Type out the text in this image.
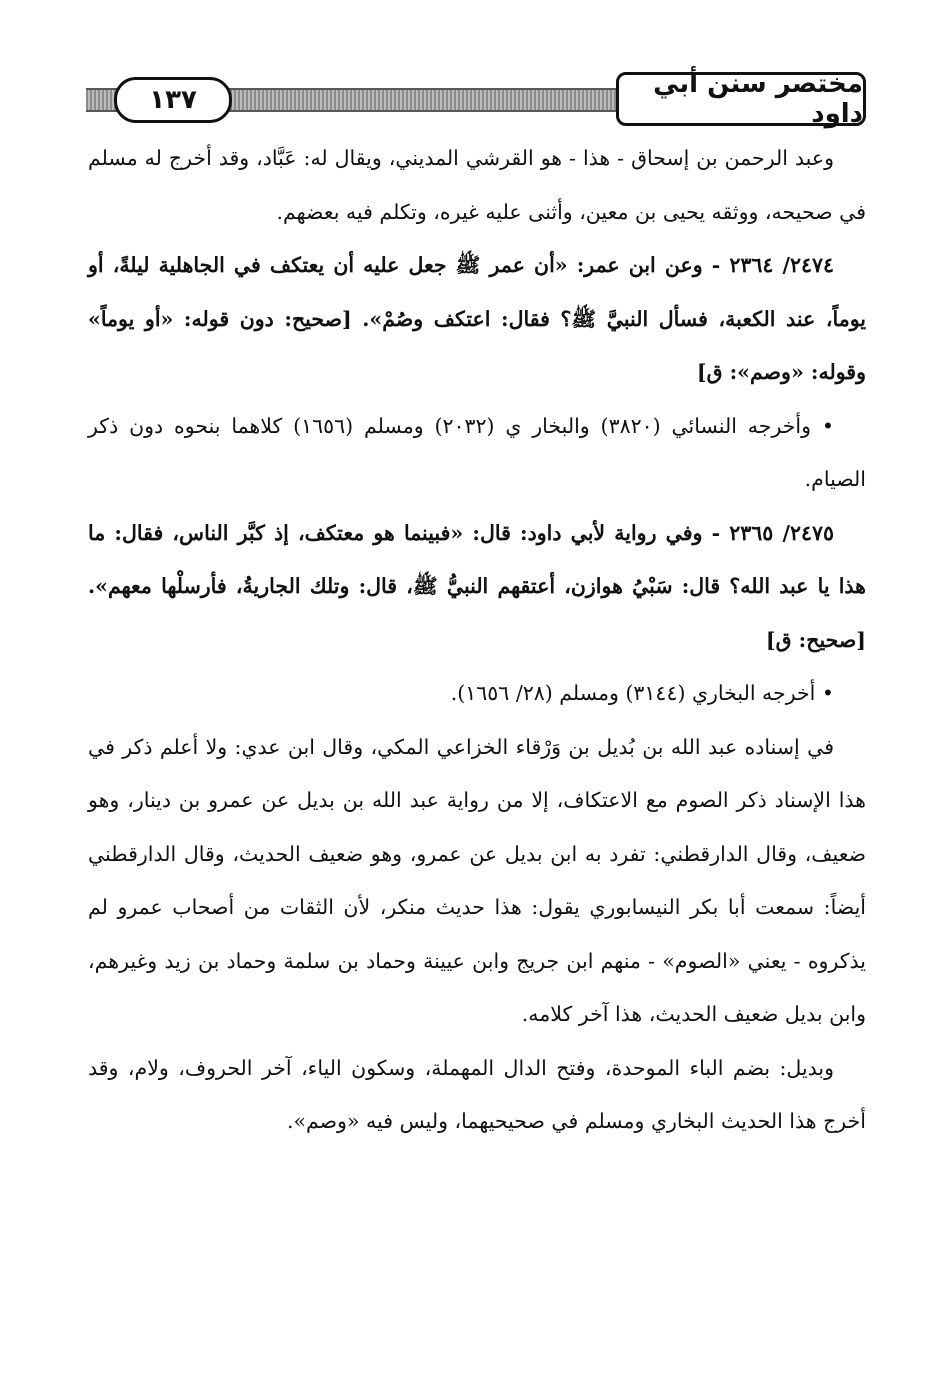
١٣٧
مختصر سنن أبي داود

وعبد الرحمن بن إسحاق - هذا - هو القرشي المديني، ويقال له: عَبَّاد، وقد أخرج له مسلم في صحيحه، ووثقه يحيى بن معين، وأثنى عليه غيره، وتكلم فيه بعضهم.

٢٤٧٤/ ٢٣٦٤ - وعن ابن عمر: «أن عمر ﷺ جعل عليه أن يعتكف في الجاهلية ليلةً، أو يوماً، عند الكعبة، فسأل النبيَّ ﷺ؟ فقال: اعتكف وصُمْ». [صحيح: دون قوله: «أو يوماً» وقوله: «وصم»: ق]

• وأخرجه النسائي (٣٨٢٠) والبخار ي (٢٠٣٢) ومسلم (١٦٥٦) كلاهما بنحوه دون ذكر الصيام.

٢٤٧٥/ ٢٣٦٥ - وفي رواية لأبي داود: قال: «فبينما هو معتكف، إذ كبَّر الناس، فقال: ما هذا يا عبد الله؟ قال: سَبْيُ هوازن، أعتقهم النبيُّ ﷺ، قال: وتلك الجاريةُ، فأرسلْها معهم». [صحيح: ق]

• أخرجه البخاري (٣١٤٤) ومسلم (٢٨/ ١٦٥٦).

في إسناده عبد الله بن بُديل بن وَرْقاء الخزاعي المكي، وقال ابن عدي: ولا أعلم ذكر في هذا الإسناد ذكر الصوم مع الاعتكاف، إلا من رواية عبد الله بن بديل عن عمرو بن دينار، وهو ضعيف، وقال الدارقطني: تفرد به ابن بديل عن عمرو، وهو ضعيف الحديث، وقال الدارقطني أيضاً: سمعت أبا بكر النيسابوري يقول: هذا حديث منكر، لأن الثقات من أصحاب عمرو لم يذكروه - يعني «الصوم» - منهم ابن جريج وابن عيينة وحماد بن سلمة وحماد بن زيد وغيرهم، وابن بديل ضعيف الحديث، هذا آخر كلامه.

وبديل: بضم الباء الموحدة، وفتح الدال المهملة، وسكون الياء، آخر الحروف، ولام، وقد أخرج هذا الحديث البخاري ومسلم في صحيحيهما، وليس فيه «وصم».
